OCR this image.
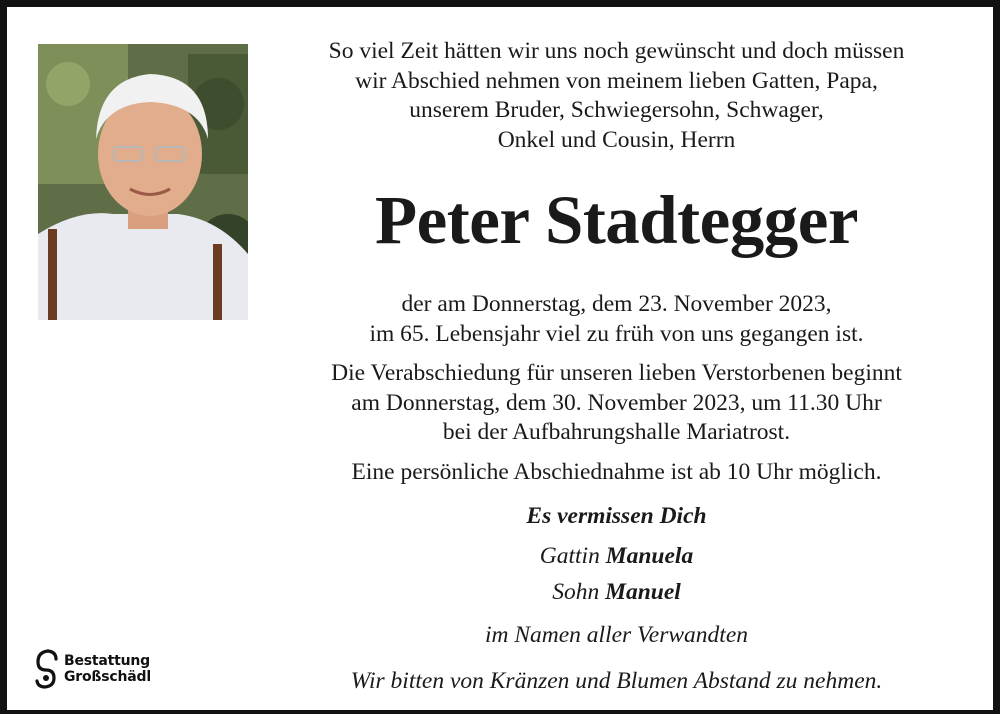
So viel Zeit hätten wir uns noch gewünscht und doch müssen

wir Abschied nehmen von meinem lieben Gatten, Papa,

unserem Bruder, Schwiegersohn, Schwager,

Onkel und Cousin, Herrn

Peter Stadtegger

der am Donnerstag, dem 23. November 2023,

im 65. Lebensjahr viel zu früh von uns gegangen ist.

Die Verabschiedung für unseren lieben Verstorbenen beginnt

am Donnerstag, dem 30. November 2023, um 11.30 Uhr

bei der Aufbahrungshalle Mariatrost.

Eine persönliche Abschiednahme ist ab 10 Uhr möglich.

Es vermissen Dich

Gattin Manuela

Sohn Manuel

im Namen aller Verwandten

Wir bitten von Kränzen und Blumen Abstand zu nehmen.

Bestattung
Großschädl
